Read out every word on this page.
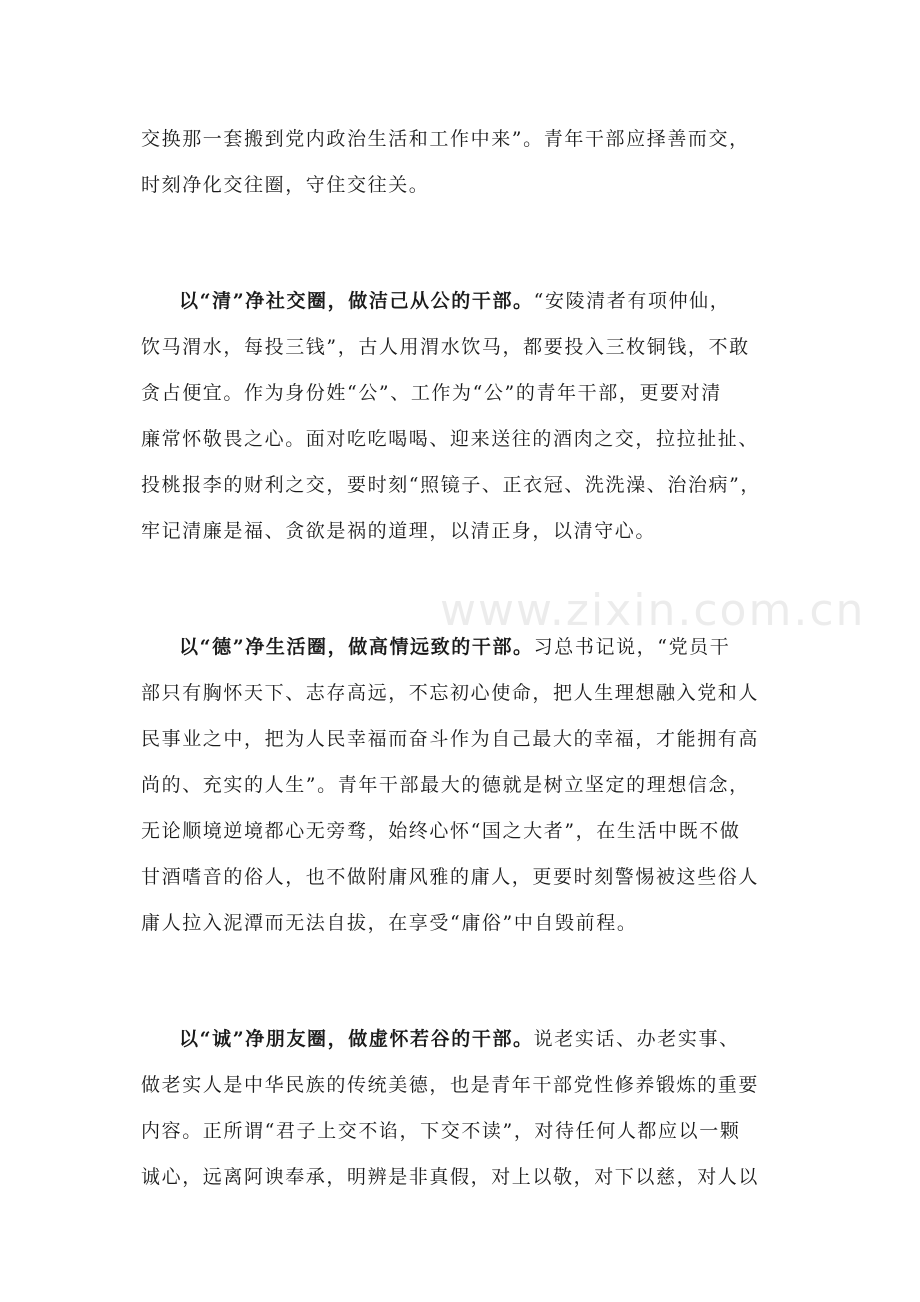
www.zixin.com.cn
交换那一套搬到党内政治生活和工作中来”。青年干部应择善而交，
时刻净化交往圈，守住交往关。
以“清”净社交圈，做洁己从公的干部。“安陵清者有项仲仙，
饮马渭水，每投三钱”，古人用渭水饮马，都要投入三枚铜钱，不敢
贪占便宜。作为身份姓“公”、工作为“公”的青年干部，更要对清
廉常怀敬畏之心。面对吃吃喝喝、迎来送往的酒肉之交，拉拉扯扯、
投桃报李的财利之交，要时刻“照镜子、正衣冠、洗洗澡、治治病”，
牢记清廉是福、贪欲是祸的道理，以清正身，以清守心。
以“德”净生活圈，做高情远致的干部。习总书记说，“党员干
部只有胸怀天下、志存高远，不忘初心使命，把人生理想融入党和人
民事业之中，把为人民幸福而奋斗作为自己最大的幸福，才能拥有高
尚的、充实的人生”。青年干部最大的德就是树立坚定的理想信念，
无论顺境逆境都心无旁骛，始终心怀“国之大者”，在生活中既不做
甘酒嗜音的俗人，也不做附庸风雅的庸人，更要时刻警惕被这些俗人
庸人拉入泥潭而无法自拔，在享受“庸俗”中自毁前程。
以“诚”净朋友圈，做虚怀若谷的干部。说老实话、办老实事、
做老实人是中华民族的传统美德，也是青年干部党性修养锻炼的重要
内容。正所谓“君子上交不谄，下交不读”，对待任何人都应以一颗
诚心，远离阿谀奉承，明辨是非真假，对上以敬，对下以慈，对人以
